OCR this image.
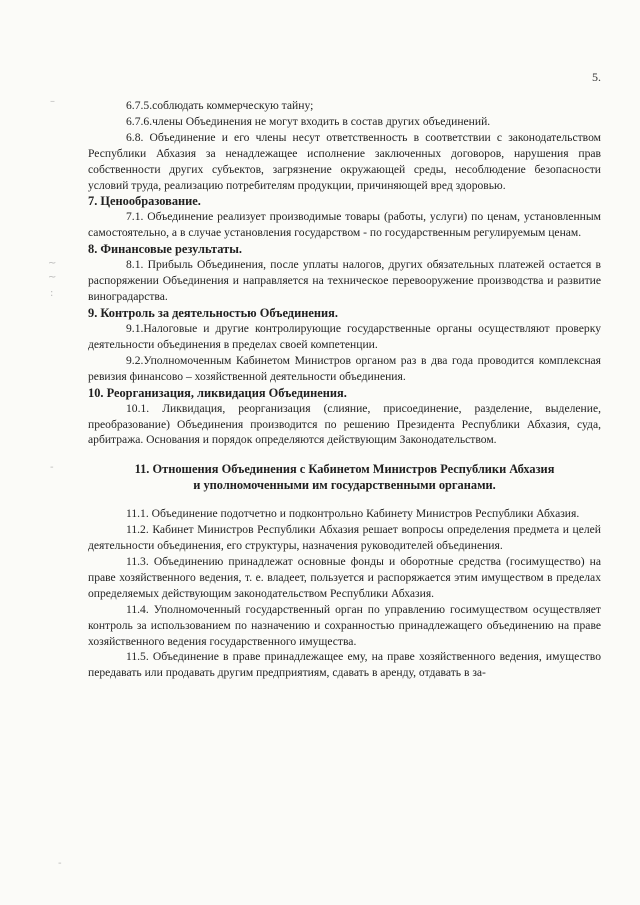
–
~
~
:
-
-
5.

6.7.5.соблюдать коммерческую тайну;

6.7.6.члены Объединения не могут входить в состав других объединений.

6.8. Объединение и его члены несут ответственность в соответствии с законодательством Республики Абхазия за ненадлежащее исполнение заключенных договоров, нарушения прав собственности других субъектов, загрязнение окружающей среды, несоблюдение безопасности условий труда, реализацию потребителям продукции, причиняющей вред здоровью.

7. Ценообразование.

7.1. Объединение реализует производимые товары (работы, услуги) по ценам, установленным самостоятельно, а в случае установления государством - по государственным регулируемым ценам.

8. Финансовые результаты.

8.1. Прибыль Объединения, после уплаты налогов, других обязательных платежей остается в распоряжении Объединения и направляется на техническое перевооружение производства и развитие виноградарства.

9. Контроль за деятельностью Объединения.

9.1.Налоговые и другие контролирующие государственные органы осуществляют проверку деятельности объединения в пределах своей компетенции.

9.2.Уполномоченным Кабинетом Министров органом раз в два года проводится комплексная ревизия финансово – хозяйственной деятельности объединения.

10. Реорганизация, ликвидация Объединения.

10.1. Ликвидация, реорганизация (слияние, присоединение, разделение, выделение, преобразование) Объединения производится по решению Президента Республики Абхазия, суда, арбитража. Основания и порядок определяются действующим Законодательством.

11. Отношения Объединения с Кабинетом Министров Республики Абхазия
и уполномоченными им государственными органами.

11.1. Объединение подотчетно и подконтрольно Кабинету Министров Республики Абхазия.

11.2. Кабинет Министров Республики Абхазия решает вопросы определения предмета и целей деятельности объединения, его структуры, назначения руководителей объединения.

11.3. Объединению принадлежат основные фонды и оборотные средства (госимущество) на праве хозяйственного ведения, т. е. владеет, пользуется и распоряжается этим имуществом в пределах определяемых действующим законодательством Республики Абхазия.

11.4. Уполномоченный государственный орган по управлению госимуществом осуществляет контроль за использованием по назначению и сохранностью принадлежащего объединению на праве хозяйственного ведения государственного имущества.

11.5. Объединение в праве принадлежащее ему, на праве хозяйственного ведения, имущество передавать или продавать другим предприятиям, сдавать в аренду, отдавать в за-
